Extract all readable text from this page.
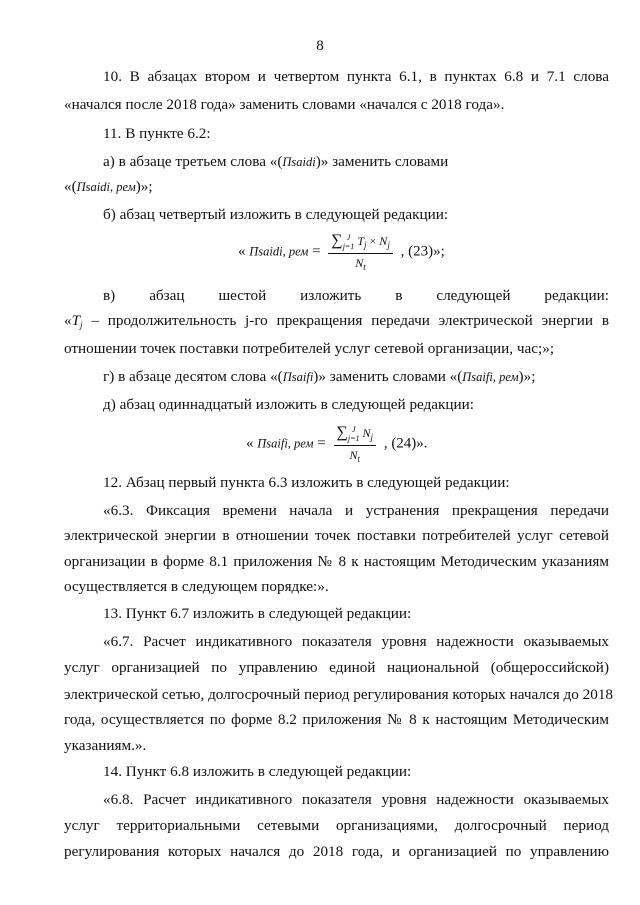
8
10. В абзацах втором и четвертом пункта 6.1, в пунктах 6.8 и 7.1 слова
«начался после 2018 года» заменить словами «начался с 2018 года».
11. В пункте 6.2:
а) в абзаце третьем слова «(Пsaidi)» заменить словами
«(Пsaidi, рем)»;
б) абзац четвертый изложить в следующей редакции:
« Пsaidi, рем = ∑ J
j=1 $T_j \times N_j$
$N_t$ , (23)»;
в) абзац шестой изложить в следующей редакции:
«$T_j$ – продолжительность j-го прекращения передачи электрической энергии в
отношении точек поставки потребителей услуг сетевой организации, час;»;
г) в абзаце десятом слова «(Пsaifi)» заменить словами «(Пsaifi, рем)»;
д) абзац одиннадцатый изложить в следующей редакции:
« Пsaifi, рем = ∑ J
j=1 $N_j$
$N_t$ , (24)».
12. Абзац первый пункта 6.3 изложить в следующей редакции:
«6.3. Фиксация времени начала и устранения прекращения передачи
электрической энергии в отношении точек поставки потребителей услуг сетевой
организации в форме 8.1 приложения № 8 к настоящим Методическим указаниям
осуществляется в следующем порядке:».
13. Пункт 6.7 изложить в следующей редакции:
«6.7. Расчет индикативного показателя уровня надежности оказываемых
услуг организацией по управлению единой национальной (общероссийской)
электрической сетью, долгосрочный период регулирования которых начался до 2018
года, осуществляется по форме 8.2 приложения № 8 к настоящим Методическим
указаниям.».
14. Пункт 6.8 изложить в следующей редакции:
«6.8. Расчет индикативного показателя уровня надежности оказываемых
услуг территориальными сетевыми организациями, долгосрочный период
регулирования которых начался до 2018 года, и организацией по управлению
